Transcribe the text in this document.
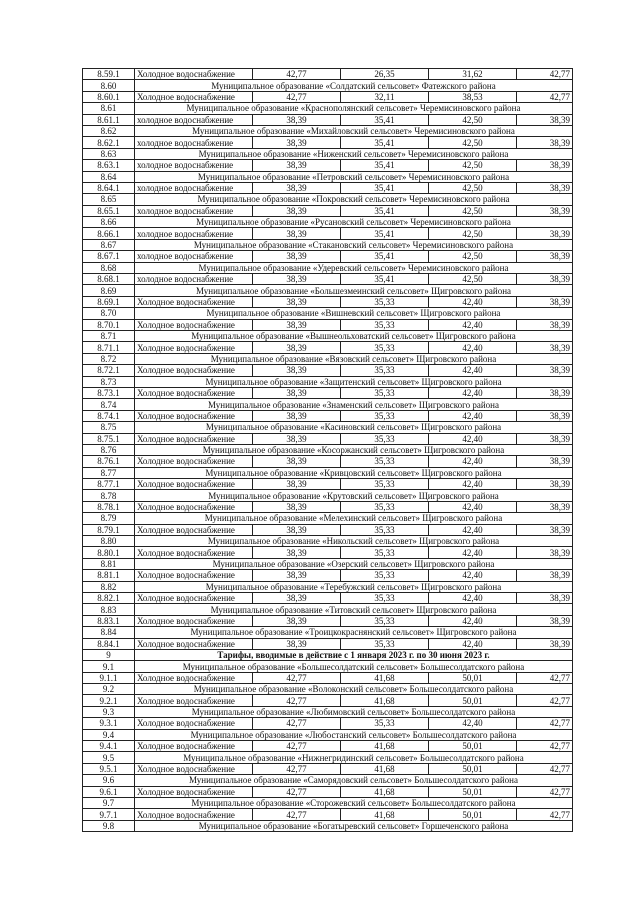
8.59.1	Холодное водоснабжение	42,77	26,35	31,62	42,77
8.60	Муниципальное образование «Солдатский сельсовет» Фатежского района				
8.60.1	Холодное водоснабжение	42,77	32,11	38,53	42,77
8.61	Муниципальное образование «Краснополянский сельсовет» Черемисиновского района				
8.61.1	холодное водоснабжение	38,39	35,41	42,50	38,39
8.62	Муниципальное образование «Михайловский сельсовет» Черемисиновского района				
8.62.1	холодное водоснабжение	38,39	35,41	42,50	38,39
8.63	Муниципальное образование «Ниженский сельсовет» Черемисиновского района				
8.63.1	холодное водоснабжение	38,39	35,41	42,50	38,39
8.64	Муниципальное образование «Петровский сельсовет» Черемисиновского района				
8.64.1	холодное водоснабжение	38,39	35,41	42,50	38,39
8.65	Муниципальное образование «Покровский сельсовет» Черемисиновского района				
8.65.1	холодное водоснабжение	38,39	35,41	42,50	38,39
8.66	Муниципальное образование «Русановский сельсовет» Черемисиновского района				
8.66.1	холодное водоснабжение	38,39	35,41	42,50	38,39
8.67	Муниципальное образование «Стакановский сельсовет» Черемисиновского района				
8.67.1	холодное водоснабжение	38,39	35,41	42,50	38,39
8.68	Муниципальное образование «Удеревский сельсовет» Черемисиновского района				
8.68.1	холодное водоснабжение	38,39	35,41	42,50	38,39
8.69	Муниципальное образование «Большезмеинский сельсовет» Щигровского района				
8.69.1	Холодное водоснабжение	38,39	35,33	42,40	38,39
8.70	Муниципальное образование «Вишневский сельсовет» Щигровского района				
8.70.1	Холодное водоснабжение	38,39	35,33	42,40	38,39
8.71	Муниципальное образование «Вышнеольховатский сельсовет» Щигровского района				
8.71.1	Холодное водоснабжение	38,39	35,33	42,40	38,39
8.72	Муниципальное образование «Вязовский сельсовет» Щигровского района				
8.72.1	Холодное водоснабжение	38,39	35,33	42,40	38,39
8.73	Муниципальное образование «Защитенский сельсовет» Щигровского района				
8.73.1	Холодное водоснабжение	38,39	35,33	42,40	38,39
8.74	Муниципальное образование «Знаменский сельсовет» Щигровского района				
8.74.1	Холодное водоснабжение	38,39	35,33	42,40	38,39
8.75	Муниципальное образование «Касиновский сельсовет» Щигровского района				
8.75.1	Холодное водоснабжение	38,39	35,33	42,40	38,39
8.76	Муниципальное образование «Косоржанский сельсовет» Щигровского района				
8.76.1	Холодное водоснабжение	38,39	35,33	42,40	38,39
8.77	Муниципальное образование «Кривцовский сельсовет» Щигровского района				
8.77.1	Холодное водоснабжение	38,39	35,33	42,40	38,39
8.78	Муниципальное образование «Крутовский сельсовет» Щигровского района				
8.78.1	Холодное водоснабжение	38,39	35,33	42,40	38,39
8.79	Муниципальное образование «Мелехинский сельсовет» Щигровского района				
8.79.1	Холодное водоснабжение	38,39	35,33	42,40	38,39
8.80	Муниципальное образование «Никольский сельсовет» Щигровского района				
8.80.1	Холодное водоснабжение	38,39	35,33	42,40	38,39
8.81	Муниципальное образование «Озерский сельсовет» Щигровского района				
8.81.1	Холодное водоснабжение	38,39	35,33	42,40	38,39
8.82	Муниципальное образование «Теребужский сельсовет» Щигровского района				
8.82.1	Холодное водоснабжение	38,39	35,33	42,40	38,39
8.83	Муниципальное образование «Титовский сельсовет» Щигровского района				
8.83.1	Холодное водоснабжение	38,39	35,33	42,40	38,39
8.84	Муниципальное образование «Троицкокраснянский сельсовет» Щигровского района				
8.84.1	Холодное водоснабжение	38,39	35,33	42,40	38,39
9	Тарифы, вводимые в действие с 1 января 2023 г. по 30 июня 2023 г.				
9.1	Муниципальное образование «Большесолдатский сельсовет» Большесолдатского района				
9.1.1	Холодное водоснабжение	42,77	41,68	50,01	42,77
9.2	Муниципальное образование «Волоконский сельсовет» Большесолдатского района				
9.2.1	Холодное водоснабжение	42,77	41,68	50,01	42,77
9.3	Муниципальное образование «Любимовский сельсовет» Большесолдатского района				
9.3.1	Холодное водоснабжение	42,77	35,33	42,40	42,77
9.4	Муниципальное образование «Любостанский сельсовет» Большесолдатского района				
9.4.1	Холодное водоснабжение	42,77	41,68	50,01	42,77
9.5	Муниципальное образование «Нижнегридинский сельсовет» Большесолдатского района				
9.5.1	Холодное водоснабжение	42,77	41,68	50,01	42,77
9.6	Муниципальное образование «Саморядовский сельсовет» Большесолдатского района				
9.6.1	Холодное водоснабжение	42,77	41,68	50,01	42,77
9.7	Муниципальное образование «Сторожевский сельсовет» Большесолдатского района				
9.7.1	Холодное водоснабжение	42,77	41,68	50,01	42,77
9.8	Муниципальное образование «Богатыревский сельсовет» Горшеченского района				
